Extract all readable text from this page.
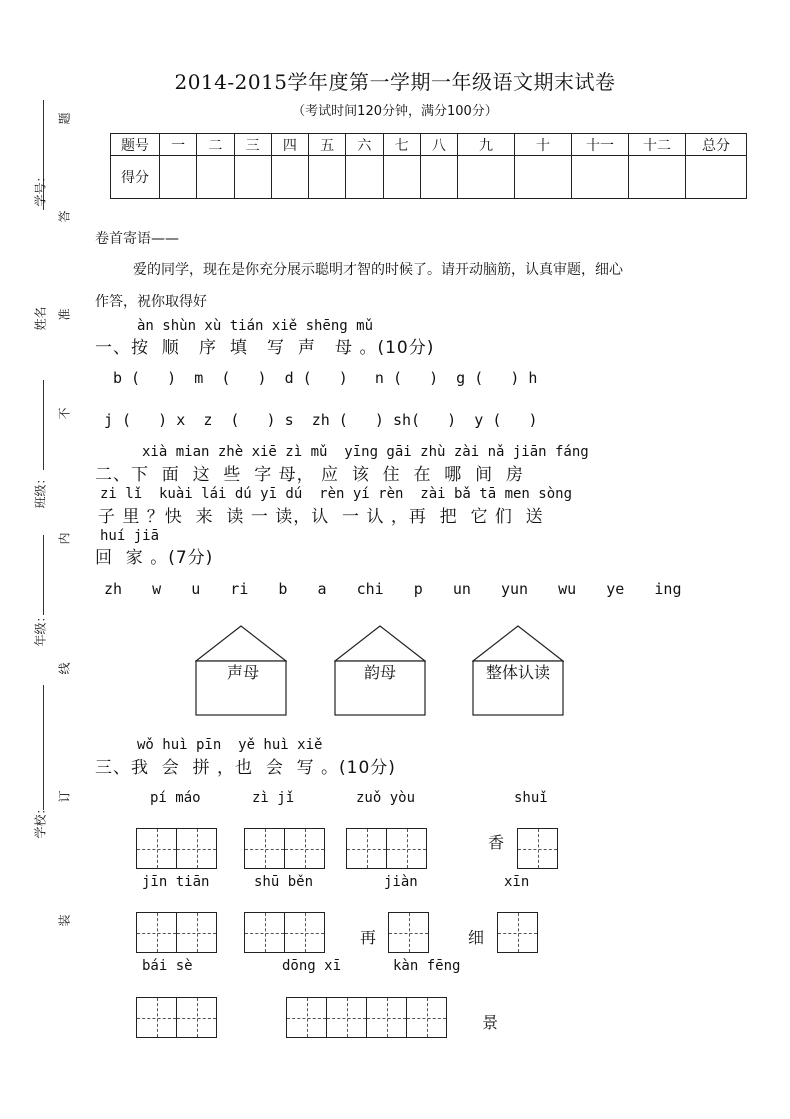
2014-2015学年度第一学期一年级语文期末试卷
（考试时间120分钟，满分100分）
学号：
姓名
班级：
年级：
学校：
题
答
准
不
内
线
订
装
题号	一	二	三	四	五	六	七	八	九	十	十一	十二	总分
得分													
卷首寄语——
爱的同学，现在是你充分展示聪明才智的时候了。请开动脑筋，认真审题，细心
作答，祝你取得好
àn shùn xù tián xiě shēng mǔ
一、按  顺   序  填   写  声   母 。(10分)
b (   )  m  (   )  d (   )   n (   )  g (   ) h
j (   ) x  z  (   ) s  zh (   ) sh(   )  y (   )
xià mian zhè xiē zì mǔ  yīng gāi zhù zài nǎ jiān fáng
二、下  面  这  些  字 母， 应  该  住  在  哪  间  房
zi lǐ  kuài lái dú yī dú  rèn yí rèn  zài bǎ tā men sòng
子 里 ？快  来  读 一 读，认  一 认 ，再  把  它 们  送
huí jiā
回  家 。(7分)
zh  w  u  ri  b  a  chi  p  un  yun  wu  ye  ing
声母	韵母	整体认读
wǒ huì pīn  yě huì xiě
三、我  会  拼 ，也  会  写 。(10分)
pí máo	zì jǐ	zuǒ yòu	shuǐ
香
jīn tiān	shū běn	jiàn	xīn
再	细
bái sè	dōng xī	kàn fēng
景
